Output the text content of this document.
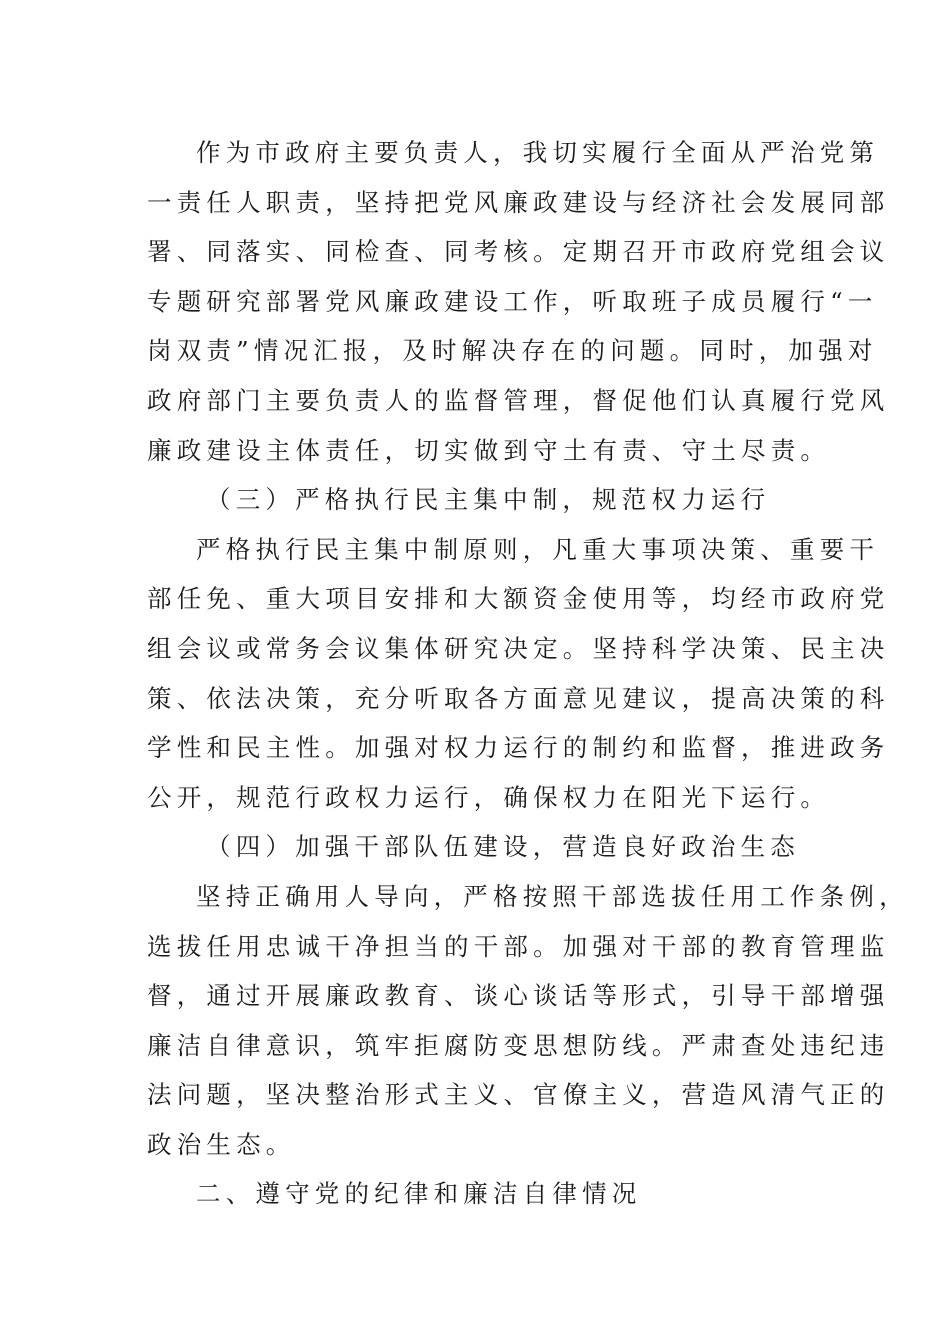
作为市政府主要负责人，我切实履行全面从严治党第
一责任人职责，坚持把党风廉政建设与经济社会发展同部
署、同落实、同检查、同考核。定期召开市政府党组会议
专题研究部署党风廉政建设工作，听取班子成员履行“一
岗双责”情况汇报，及时解决存在的问题。同时，加强对
政府部门主要负责人的监督管理，督促他们认真履行党风
廉政建设主体责任，切实做到守土有责、守土尽责。
（三）严格执行民主集中制，规范权力运行
严格执行民主集中制原则，凡重大事项决策、重要干
部任免、重大项目安排和大额资金使用等，均经市政府党
组会议或常务会议集体研究决定。坚持科学决策、民主决
策、依法决策，充分听取各方面意见建议，提高决策的科
学性和民主性。加强对权力运行的制约和监督，推进政务
公开，规范行政权力运行，确保权力在阳光下运行。
（四）加强干部队伍建设，营造良好政治生态
坚持正确用人导向，严格按照干部选拔任用工作条例，
选拔任用忠诚干净担当的干部。加强对干部的教育管理监
督，通过开展廉政教育、谈心谈话等形式，引导干部增强
廉洁自律意识，筑牢拒腐防变思想防线。严肃查处违纪违
法问题，坚决整治形式主义、官僚主义，营造风清气正的
政治生态。
二、遵守党的纪律和廉洁自律情况
